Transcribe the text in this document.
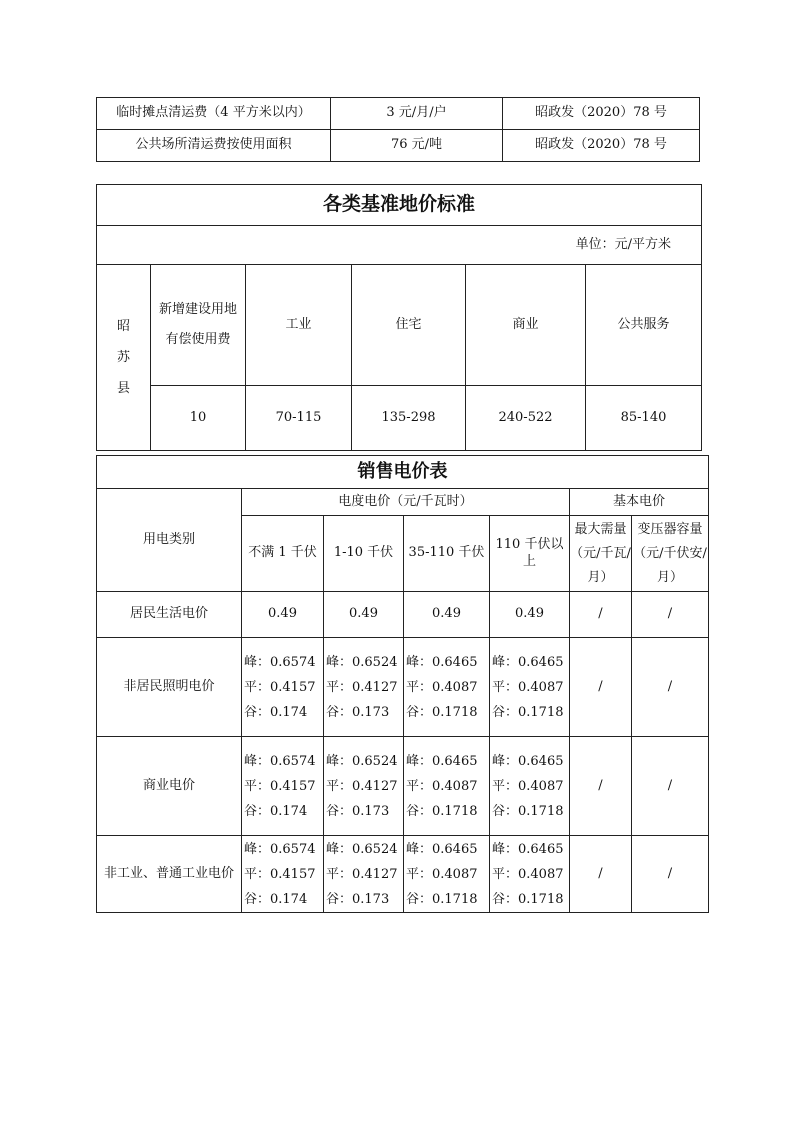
临时摊点清运费（4 平方米以内）	3 元/月/户	昭政发（2020）78 号
公共场所清运费按使用面积	76 元/吨	昭政发（2020）78 号
各类基准地价标准					
单位：元/平方米					

昭
苏
县	新增建设用地有偿使用费	工业	住宅	商业	公共服务
	10	70-115	135-298	240-522	85-140
销售电价表						
用电类别	电度电价（元/千瓦时）				基本电价	
	不满 1 千伏	1-10 千伏	35-110 千伏	110 千伏以上	最大需量（元/千瓦/月）	变压器容量（元/千伏安/月）
居民生活电价	0.49	0.49	0.49	0.49	/	/
非居民照明电价	峰：0.6574
平：0.4157
谷：0.174	峰：0.6524
平：0.4127
谷：0.173	峰：0.6465
平：0.4087
谷：0.1718	峰：0.6465
平：0.4087
谷：0.1718	/	/
商业电价	峰：0.6574
平：0.4157
谷：0.174	峰：0.6524
平：0.4127
谷：0.173	峰：0.6465
平：0.4087
谷：0.1718	峰：0.6465
平：0.4087
谷：0.1718	/	/
非工业、普通工业电价	峰：0.6574
平：0.4157
谷：0.174	峰：0.6524
平：0.4127
谷：0.173	峰：0.6465
平：0.4087
谷：0.1718	峰：0.6465
平：0.4087
谷：0.1718	/	/
